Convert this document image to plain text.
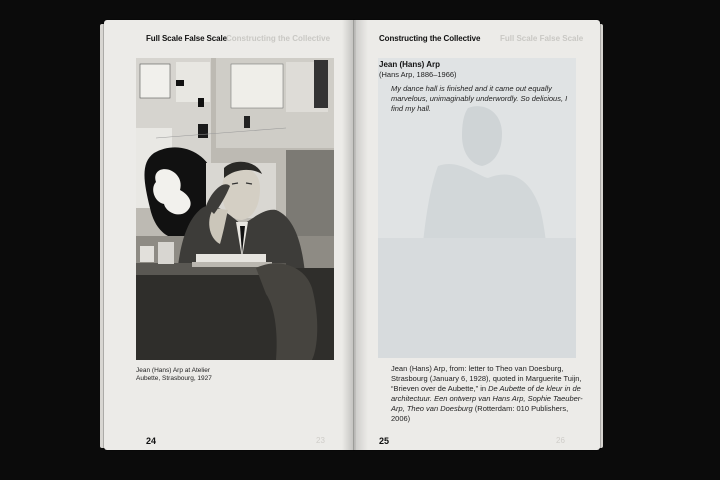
Full Scale False Scale Constructing the Collective
Jean (Hans) Arp at Atelier
Aubette, Strasbourg, 1927
24	23
Constructing the Collective Full Scale False Scale
Jean (Hans) Arp
(Hans Arp, 1886–1966)
My dance hall is finished and it came out equally marvelous, unimaginably underwordly. So delicious, I find my hall.
Jean (Hans) Arp, from: letter to Theo van Doesburg, Strasbourg (January 6, 1928), quoted in Marguerite Tuijn, “Brieven over de Aubette,” in De Aubette of de kleur in de architectuur. Een ontwerp van Hans Arp, Sophie Taeuber-Arp, Theo van Doesburg (Rotterdam: 010 Publishers, 2006)
25	26
